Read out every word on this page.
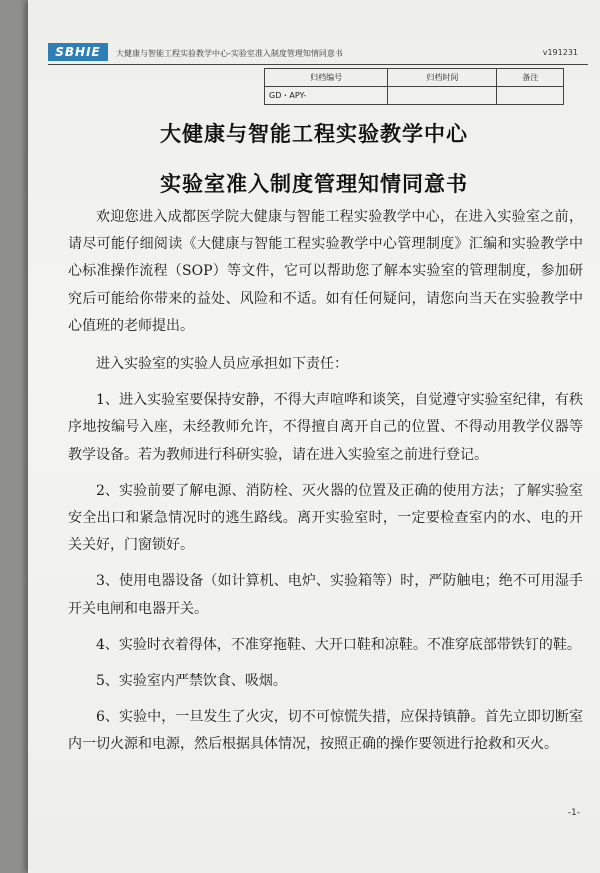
SBHIE	大健康与智能工程实验教学中心-实验室准入制度管理知情同意书	v191231
归档编号	归档时间	备注
GD・APY-		
大健康与智能工程实验教学中心
实验室准入制度管理知情同意书

欢迎您进入成都医学院大健康与智能工程实验教学中心，在进入实验室之前，请尽可能仔细阅读《大健康与智能工程实验教学中心管理制度》汇编和实验教学中心标准操作流程（SOP）等文件，它可以帮助您了解本实验室的管理制度，参加研究后可能给你带来的益处、风险和不适。如有任何疑问，请您向当天在实验教学中心值班的老师提出。

进入实验室的实验人员应承担如下责任：

1、进入实验室要保持安静，不得大声喧哗和谈笑，自觉遵守实验室纪律，有秩序地按编号入座，未经教师允许，不得擅自离开自己的位置、不得动用教学仪器等教学设备。若为教师进行科研实验，请在进入实验室之前进行登记。

2、实验前要了解电源、消防栓、灭火器的位置及正确的使用方法；了解实验室安全出口和紧急情况时的逃生路线。离开实验室时，一定要检查室内的水、电的开关关好，门窗锁好。

3、使用电器设备（如计算机、电炉、实验箱等）时，严防触电；绝不可用湿手开关电闸和电器开关。

4、实验时衣着得体，不准穿拖鞋、大开口鞋和凉鞋。不准穿底部带铁钉的鞋。

5、实验室内严禁饮食、吸烟。

6、实验中，一旦发生了火灾，切不可惊慌失措，应保持镇静。首先立即切断室内一切火源和电源，然后根据具体情况，按照正确的操作要领进行抢救和灭火。

-1-
